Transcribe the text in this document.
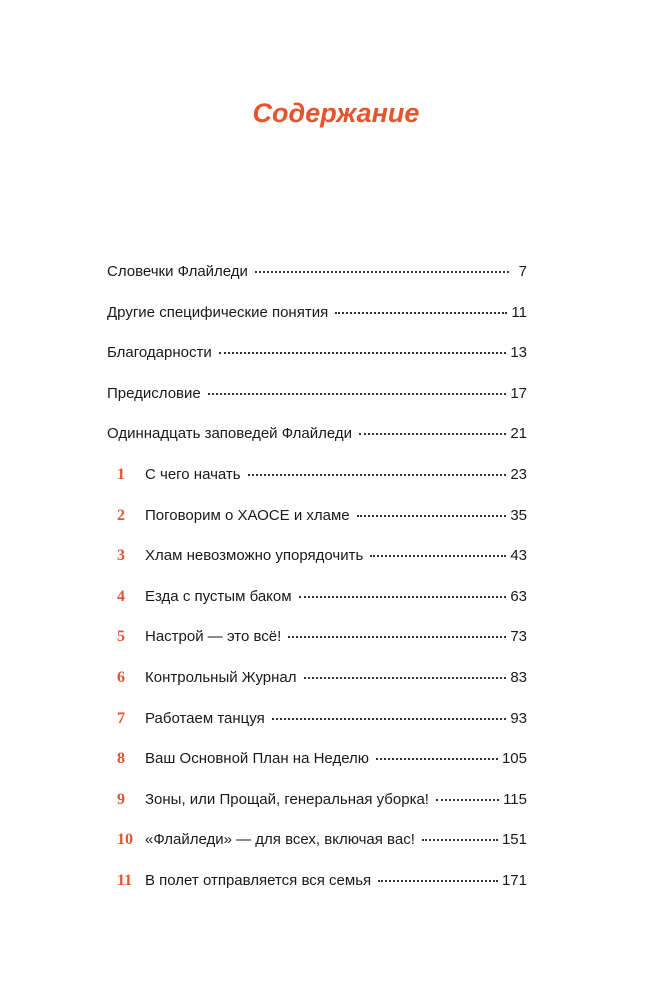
Содержание
Словечки Флайледи	7
Другие специфические понятия	11
Благодарности	13
Предисловие	17
Одиннадцать заповедей Флайледи	21
1	С чего начать	23
2	Поговорим о ХАОСЕ и хламе	35
3	Хлам невозможно упорядочить	43
4	Езда с пустым баком	63
5	Настрой — это всё!	73
6	Контрольный Журнал	83
7	Работаем танцуя	93
8	Ваш Основной План на Неделю	105
9	Зоны, или Прощай, генеральная уборка!	115
10 «Флайледи» — для всех, включая вас!	151
11 В полет отправляется вся семья	171
